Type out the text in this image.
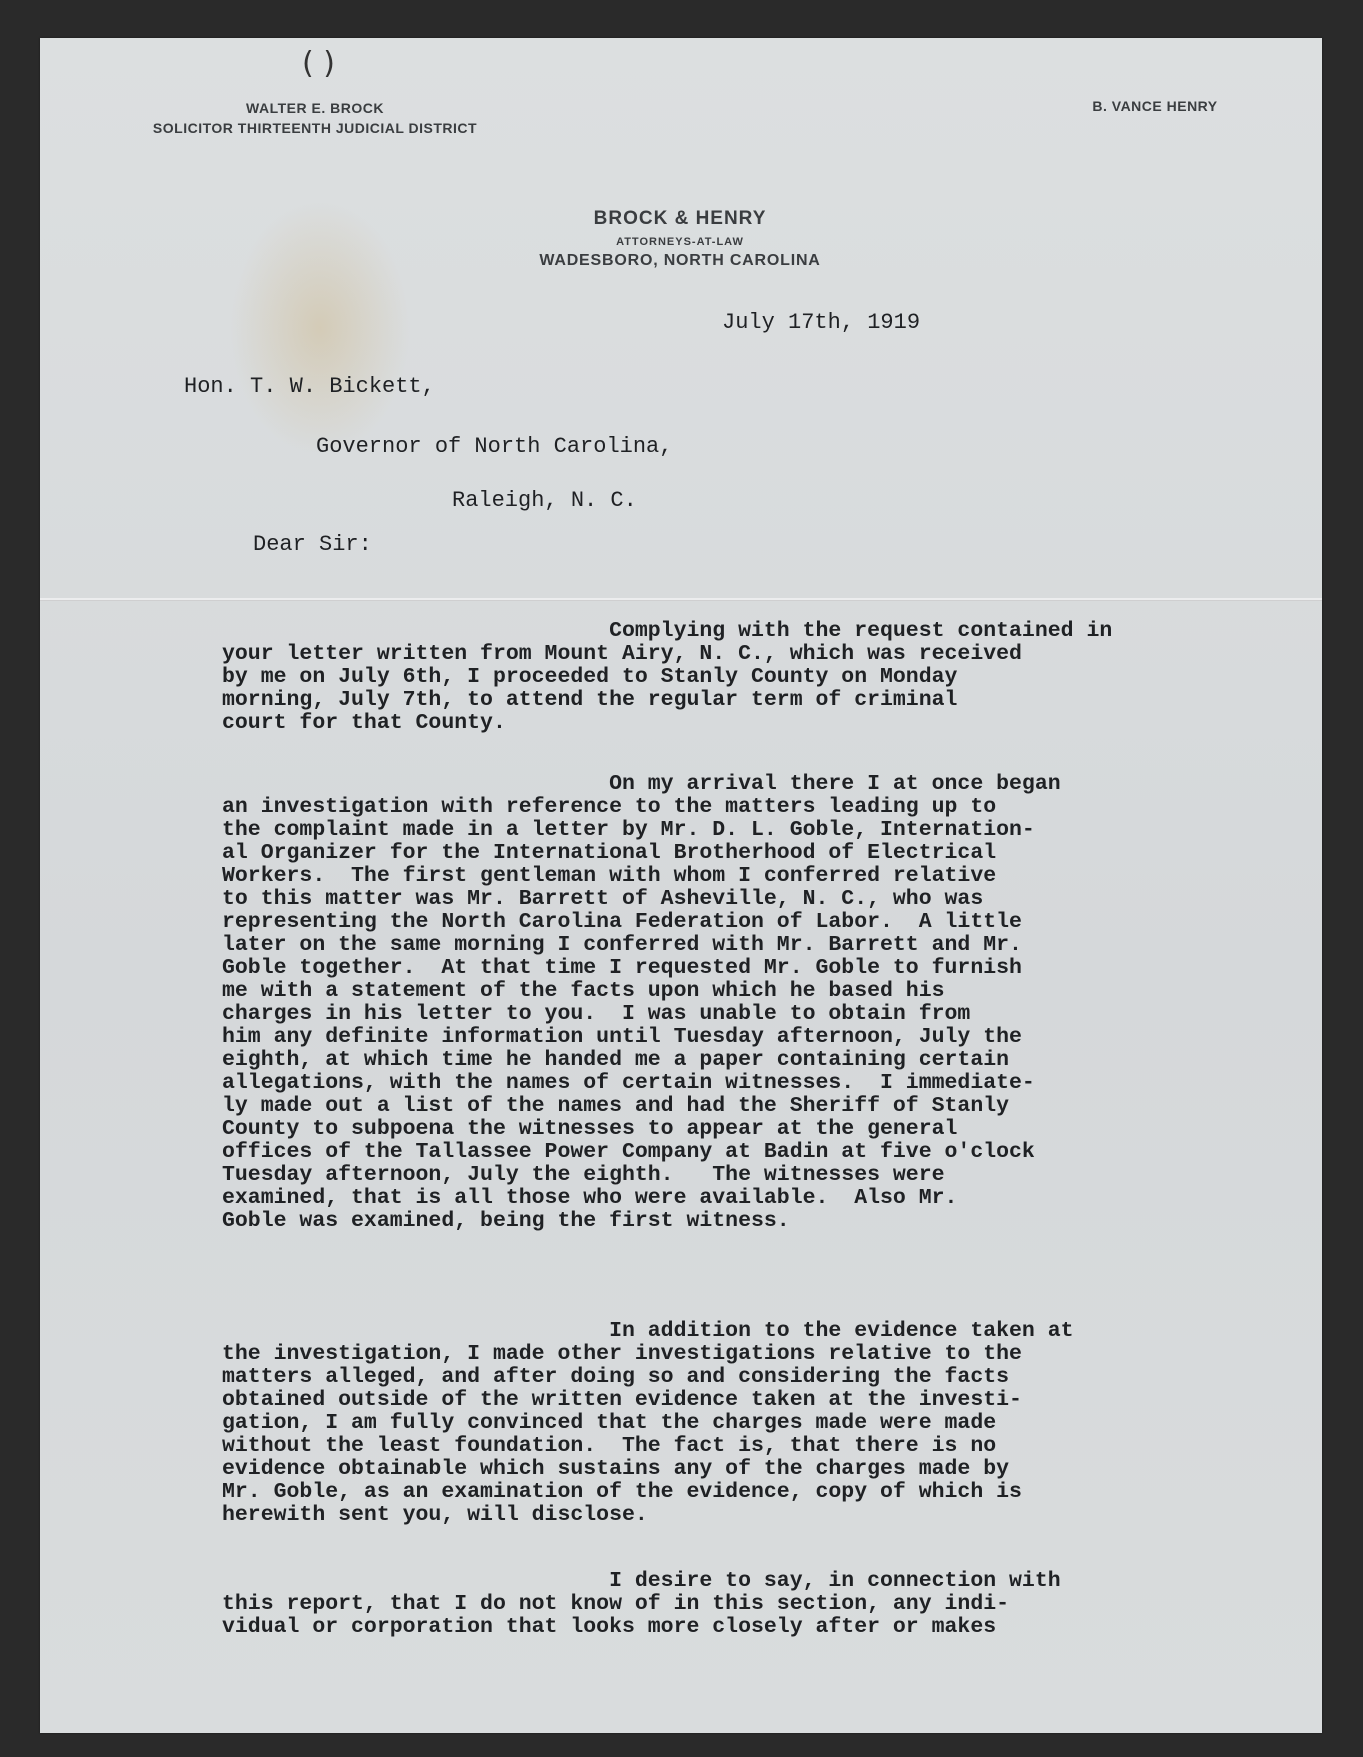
( )
WALTER E. BROCK
SOLICITOR THIRTEENTH JUDICIAL DISTRICT
B. VANCE HENRY
BROCK & HENRY
ATTORNEYS-AT-LAW
WADESBORO, NORTH CAROLINA
July 17th, 1919
Hon. T. W. Bickett,
Governor of North Carolina,
Raleigh, N. C.
Dear Sir:
Complying with the request contained in
your letter written from Mount Airy, N. C., which was received
by me on July 6th, I proceeded to Stanly County on Monday
morning, July 7th, to attend the regular term of criminal
court for that County.
On my arrival there I at once began
an investigation with reference to the matters leading up to
the complaint made in a letter by Mr. D. L. Goble, Internation-
al Organizer for the International Brotherhood of Electrical
Workers.  The first gentleman with whom I conferred relative
to this matter was Mr. Barrett of Asheville, N. C., who was
representing the North Carolina Federation of Labor.  A little
later on the same morning I conferred with Mr. Barrett and Mr.
Goble together.  At that time I requested Mr. Goble to furnish
me with a statement of the facts upon which he based his
charges in his letter to you.  I was unable to obtain from
him any definite information until Tuesday afternoon, July the
eighth, at which time he handed me a paper containing certain
allegations, with the names of certain witnesses.  I immediate-
ly made out a list of the names and had the Sheriff of Stanly
County to subpoena the witnesses to appear at the general
offices of the Tallassee Power Company at Badin at five o'clock
Tuesday afternoon, July the eighth.   The witnesses were
examined, that is all those who were available.  Also Mr.
Goble was examined, being the first witness.
In addition to the evidence taken at
the investigation, I made other investigations relative to the
matters alleged, and after doing so and considering the facts
obtained outside of the written evidence taken at the investi-
gation, I am fully convinced that the charges made were made
without the least foundation.  The fact is, that there is no
evidence obtainable which sustains any of the charges made by
Mr. Goble, as an examination of the evidence, copy of which is
herewith sent you, will disclose.
I desire to say, in connection with
this report, that I do not know of in this section, any indi-
vidual or corporation that looks more closely after or makes
